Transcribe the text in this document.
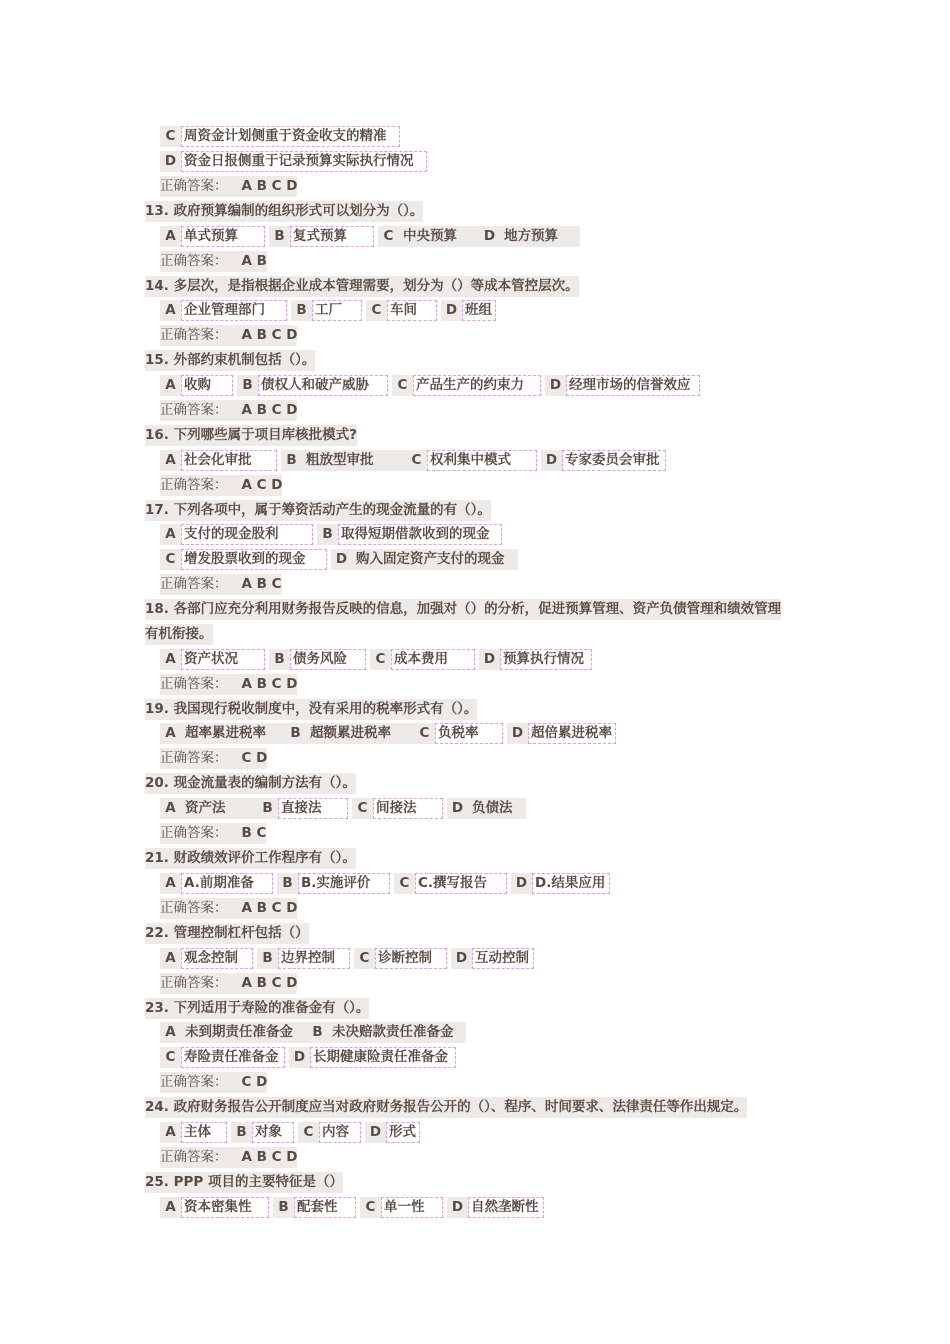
C 周资金计划侧重于资金收支的精准
D 资金日报侧重于记录预算实际执行情况
正确答案： A B C D
13. 政府预算编制的组织形式可以划分为（）。
A 单式预算	B 复式预算	C 中央预算	D 地方预算
正确答案： A B
14. 多层次，是指根据企业成本管理需要，划分为（）等成本管控层次。
A 企业管理部门	B 工厂	C 车间	D 班组
正确答案： A B C D
15. 外部约束机制包括（）。
A 收购	B 债权人和破产威胁	C 产品生产的约束力	D 经理市场的信誉效应
正确答案： A B C D
16. 下列哪些属于项目库核批模式?
A 社会化审批	B 粗放型审批	C 权利集中模式	D 专家委员会审批
正确答案： A C D
17. 下列各项中，属于筹资活动产生的现金流量的有（）。
A 支付的现金股利	B 取得短期借款收到的现金
C 增发股票收到的现金	D 购入固定资产支付的现金
正确答案： A B C
18. 各部门应充分利用财务报告反映的信息，加强对（）的分析，促进预算管理、资产负债管理和绩效管理
有机衔接。
A 资产状况	B 债务风险	C 成本费用	D 预算执行情况
正确答案： A B C D
19. 我国现行税收制度中，没有采用的税率形式有（）。
A 超率累进税率	B 超额累进税率	C 负税率	D 超倍累进税率
正确答案： C D
20. 现金流量表的编制方法有（）。
A 资产法	B 直接法	C 间接法	D 负债法
正确答案： B C
21. 财政绩效评价工作程序有（）。
A A.前期准备	B B.实施评价	C C.撰写报告	D D.结果应用
正确答案： A B C D
22. 管理控制杠杆包括（）
A 观念控制	B 边界控制	C 诊断控制	D 互动控制
正确答案： A B C D
23. 下列适用于寿险的准备金有（）。
A 未到期责任准备金	B 未决赔款责任准备金
C 寿险责任准备金	D 长期健康险责任准备金
正确答案： C D
24. 政府财务报告公开制度应当对政府财务报告公开的（）、程序、时间要求、法律责任等作出规定。
A 主体	B 对象	C 内容	D 形式
正确答案： A B C D
25. PPP 项目的主要特征是（）
A 资本密集性	B 配套性	C 单一性	D 自然垄断性
